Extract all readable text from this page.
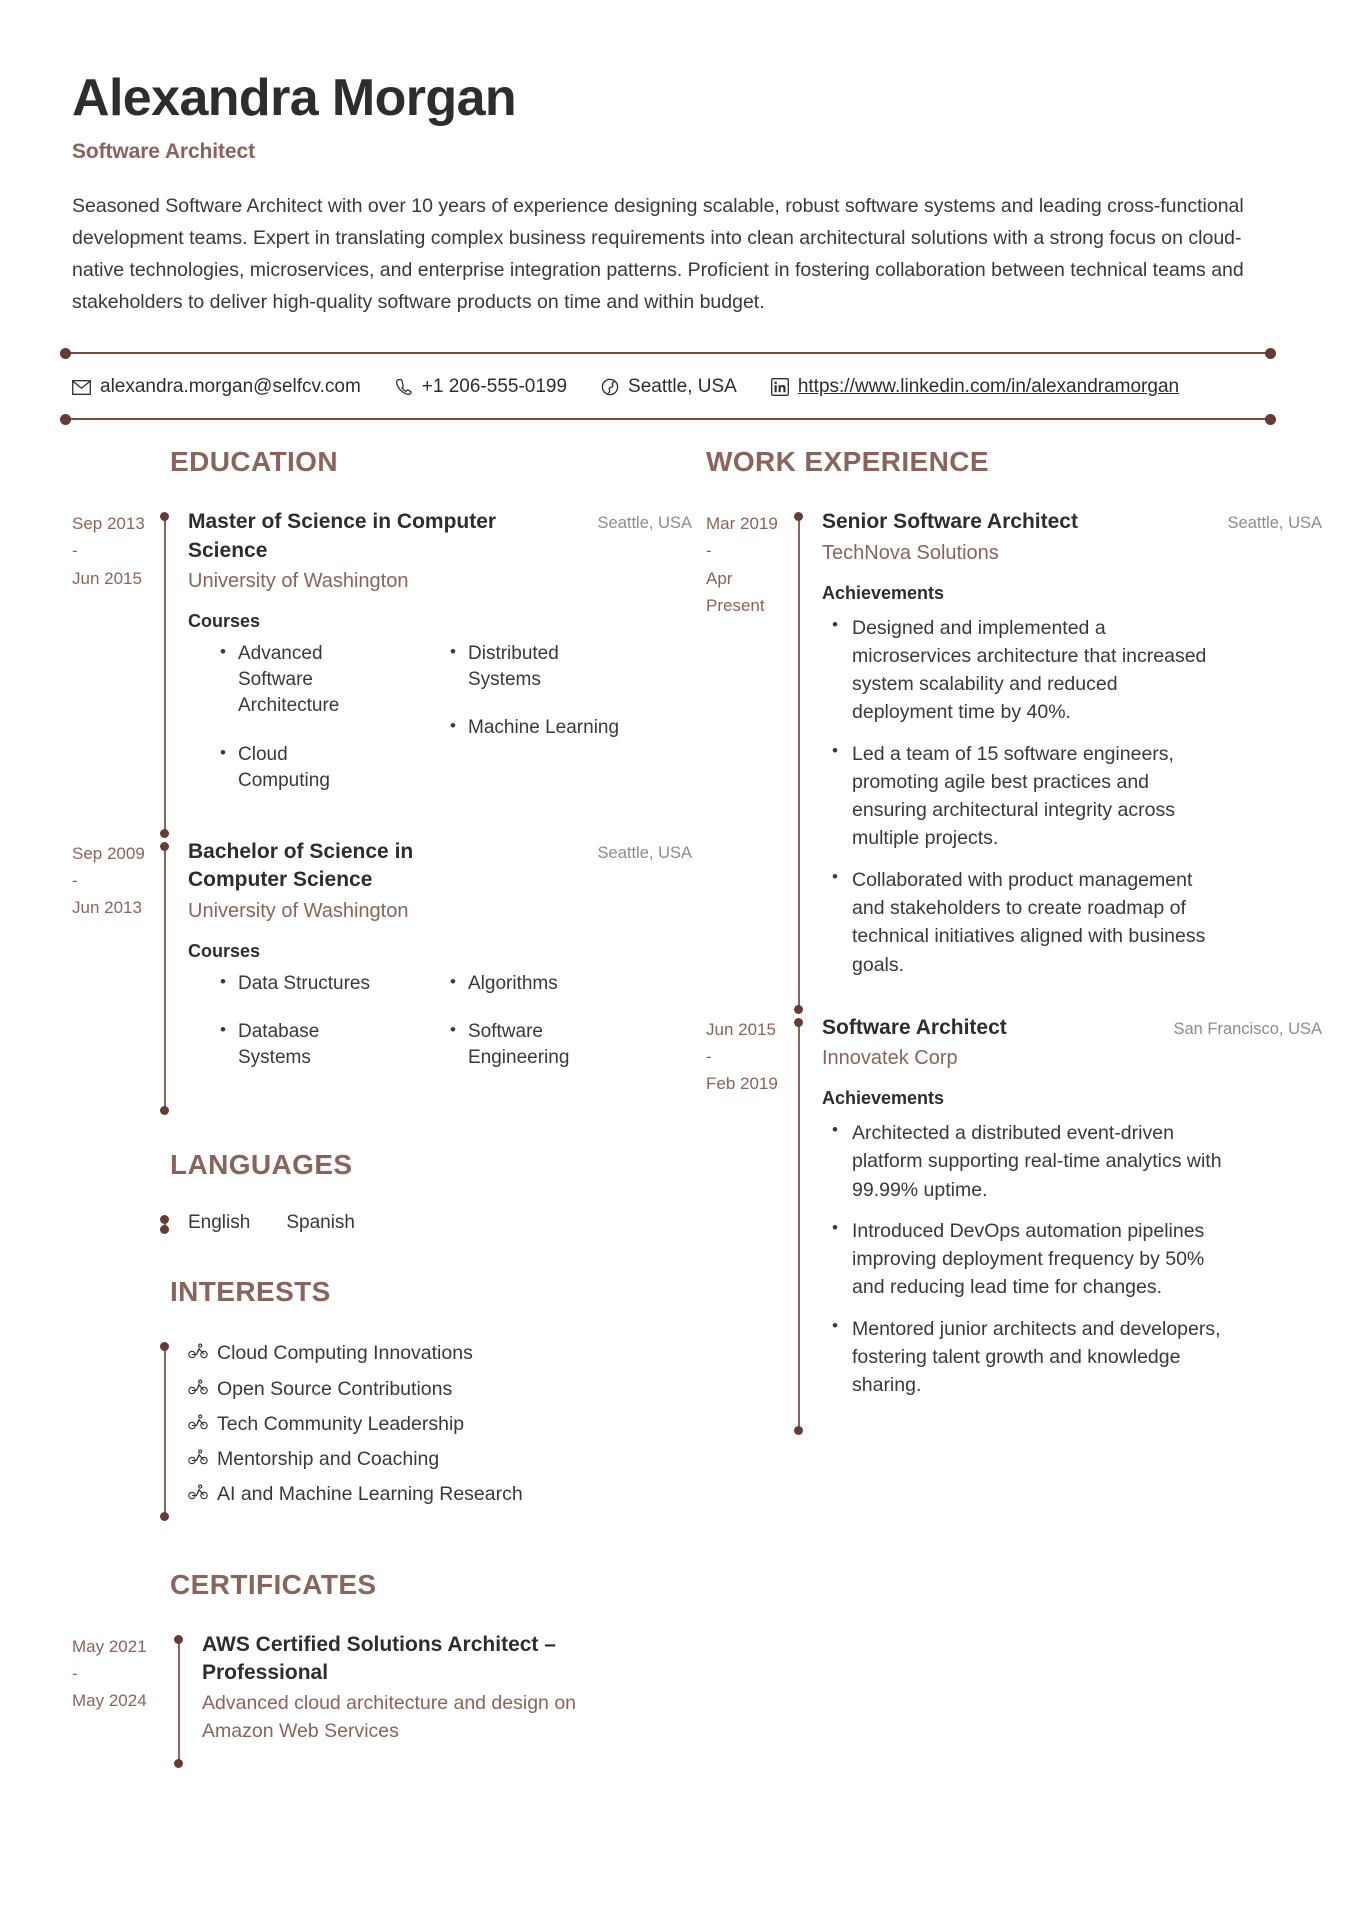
Alexandra Morgan
Software Architect
Seasoned Software Architect with over 10 years of experience designing scalable, robust software systems and leading cross-functional development teams. Expert in translating complex business requirements into clean architectural solutions with a strong focus on cloud-native technologies, microservices, and enterprise integration patterns. Proficient in fostering collaboration between technical teams and stakeholders to deliver high-quality software products on time and within budget.
alexandra.morgan@selfcv.com	+1 206-555-0199	Seattle, USA	https://www.linkedin.com/in/alexandramorgan
EDUCATION
Sep 2013
-
Jun 2015
Master of Science in Computer Science
Seattle, USA
University of Washington
Courses
• Advanced Software Architecture
• Cloud Computing
• Distributed Systems
• Machine Learning
Sep 2009
-
Jun 2013
Bachelor of Science in Computer Science
Seattle, USA
University of Washington
Courses
• Data Structures
• Database Systems
• Algorithms
• Software Engineering
LANGUAGES
English Spanish
INTERESTS
Cloud Computing Innovations
Open Source Contributions
Tech Community Leadership
Mentorship and Coaching
AI and Machine Learning Research
CERTIFICATES
May 2021
-
May 2024
AWS Certified Solutions Architect – Professional
Advanced cloud architecture and design on Amazon Web Services
WORK EXPERIENCE
Mar 2019
-
Apr Present
Senior Software Architect	Seattle, USA
TechNova Solutions
Achievements
• Designed and implemented a microservices architecture that increased system scalability and reduced deployment time by 40%.
• Led a team of 15 software engineers, promoting agile best practices and ensuring architectural integrity across multiple projects.
• Collaborated with product management and stakeholders to create roadmap of technical initiatives aligned with business goals.
Jun 2015
-
Feb 2019
Software Architect	San Francisco, USA
Innovatek Corp
Achievements
• Architected a distributed event-driven platform supporting real-time analytics with 99.99% uptime.
• Introduced DevOps automation pipelines improving deployment frequency by 50% and reducing lead time for changes.
• Mentored junior architects and developers, fostering talent growth and knowledge sharing.
